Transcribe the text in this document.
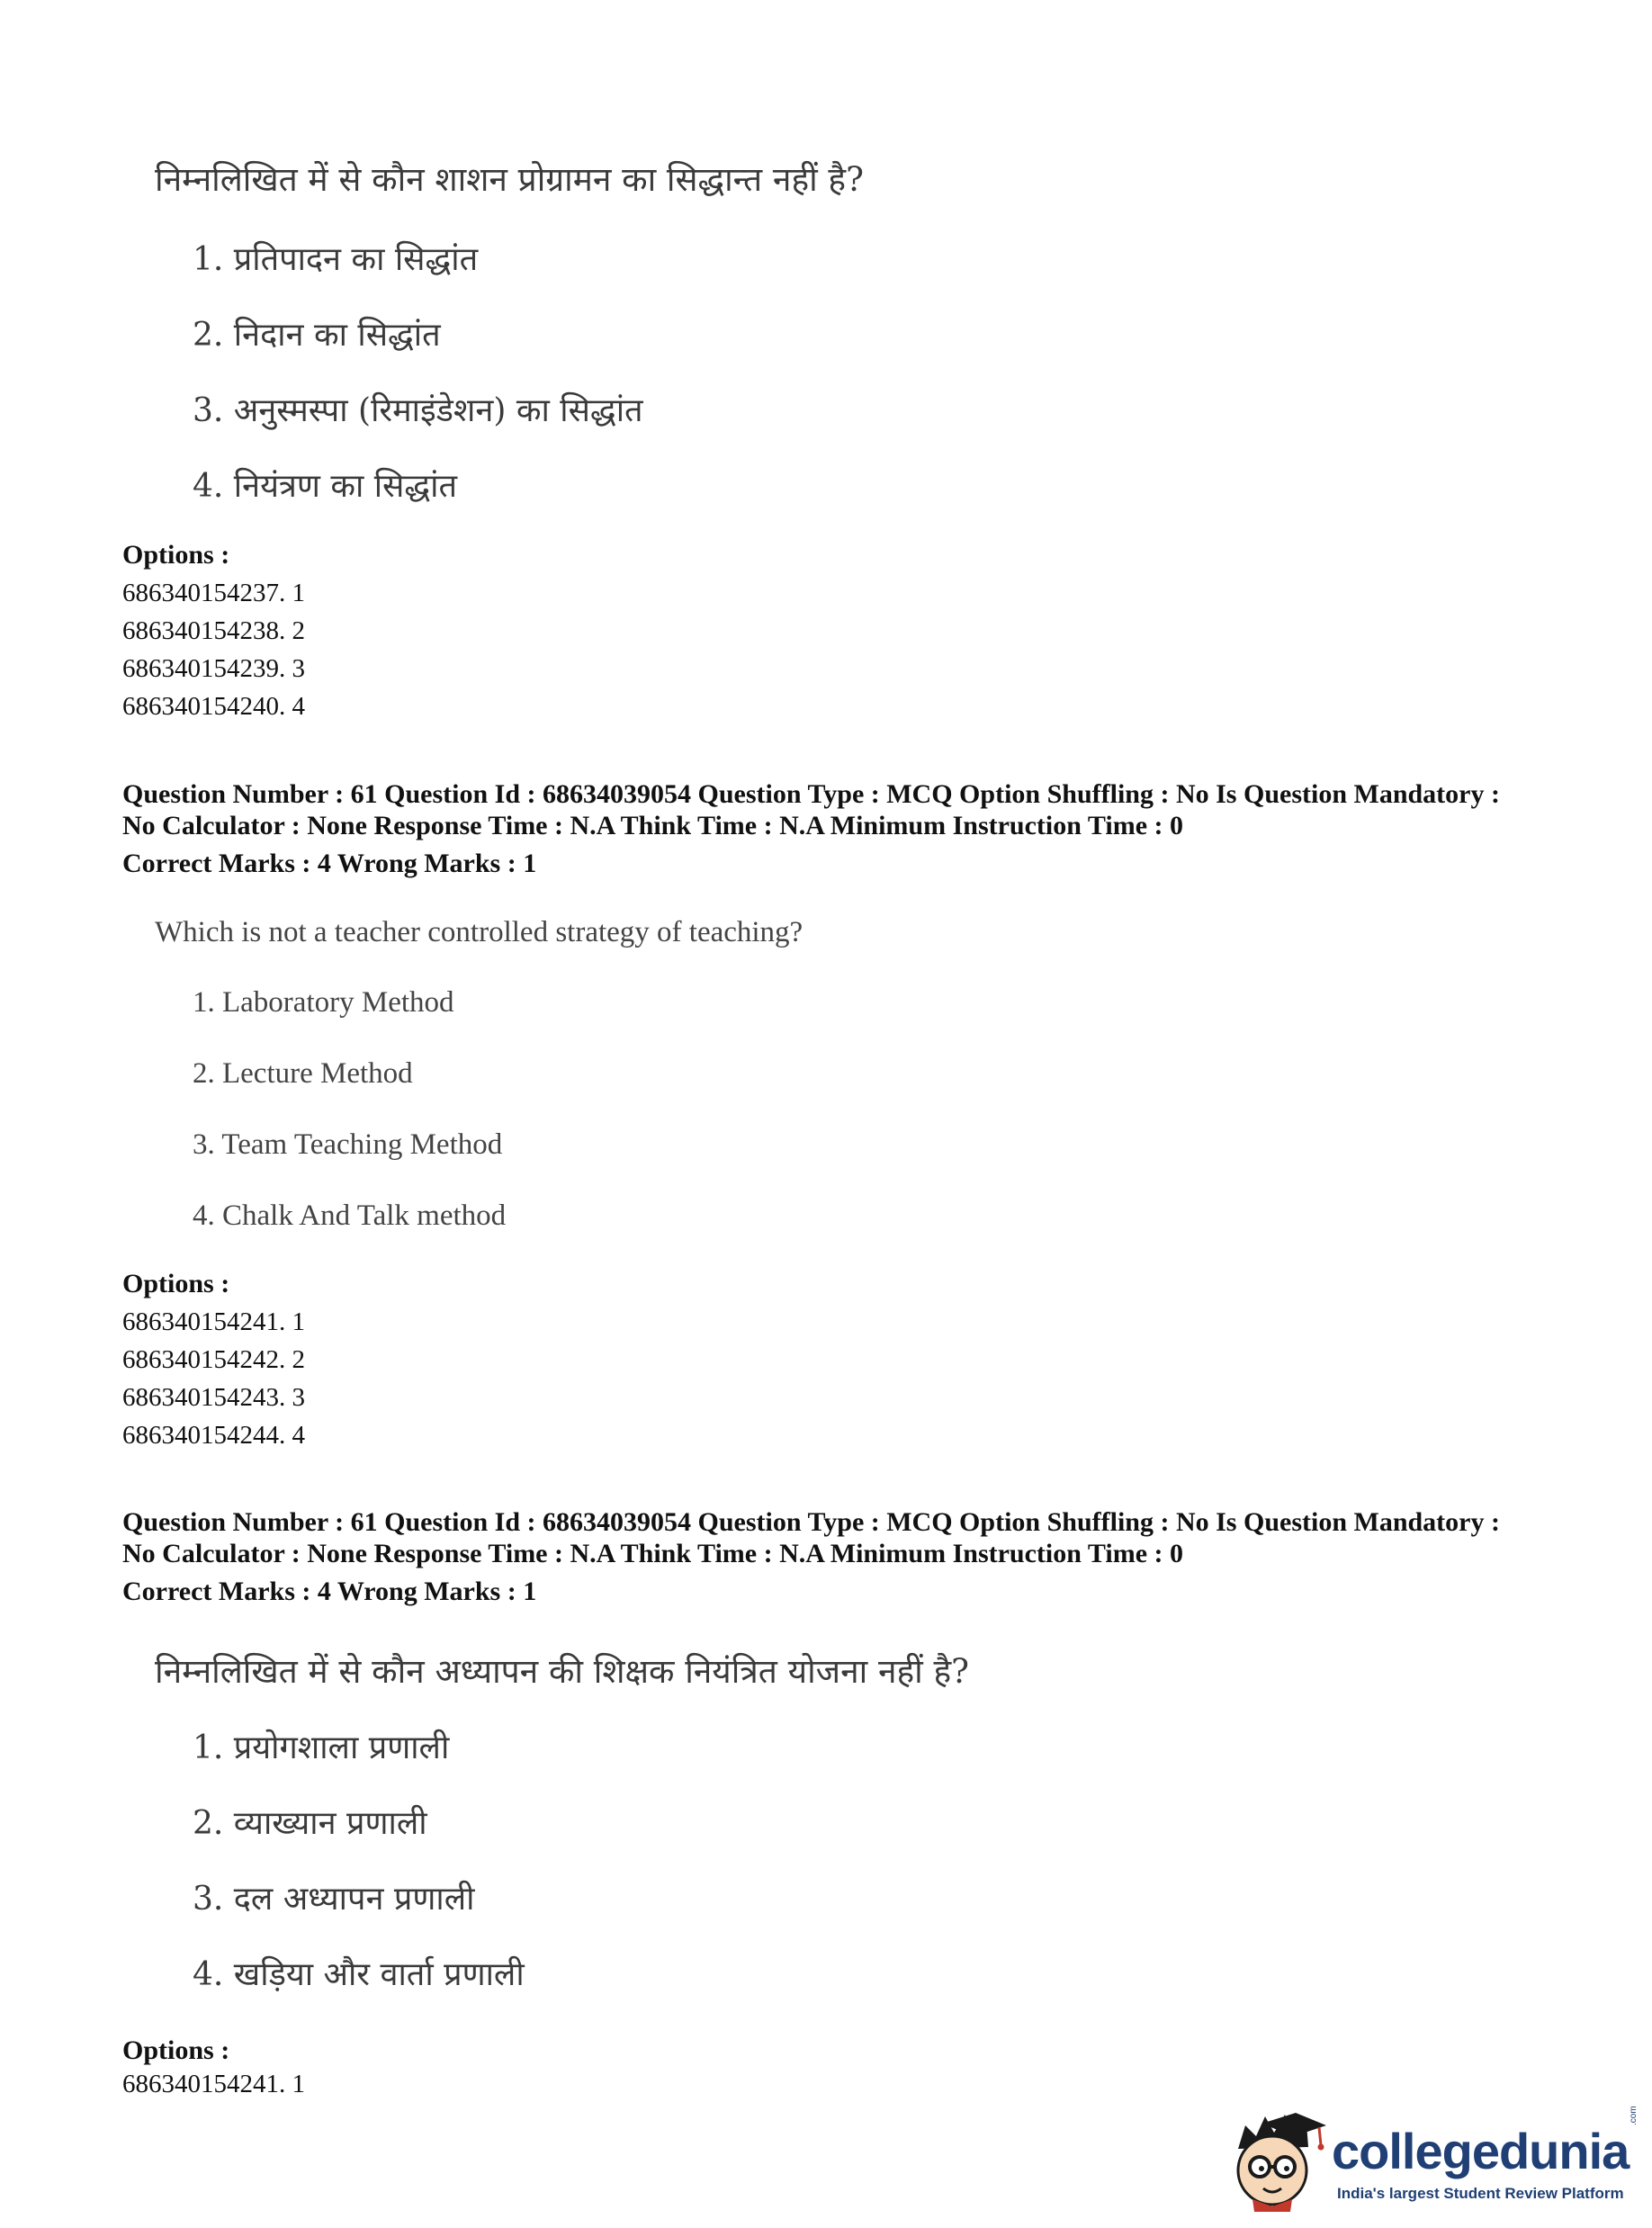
निम्नलिखित में से कौन शाशन प्रोग्रामन का सिद्धान्त नहीं है?
1. प्रतिपादन का सिद्धांत
2. निदान का सिद्धांत
3. अनुस्मस्पा (रिमाइंडेशन) का सिद्धांत
4. नियंत्रण का सिद्धांत
Options :
686340154237. 1
686340154238. 2
686340154239. 3
686340154240. 4
Question Number : 61 Question Id : 68634039054 Question Type : MCQ Option Shuffling : No Is Question Mandatory :
No Calculator : None Response Time : N.A Think Time : N.A Minimum Instruction Time : 0
Correct Marks : 4 Wrong Marks : 1
Which is not a teacher controlled strategy of teaching?
1. Laboratory Method
2. Lecture Method
3. Team Teaching Method
4. Chalk And Talk method
Options :
686340154241. 1
686340154242. 2
686340154243. 3
686340154244. 4
Question Number : 61 Question Id : 68634039054 Question Type : MCQ Option Shuffling : No Is Question Mandatory :
No Calculator : None Response Time : N.A Think Time : N.A Minimum Instruction Time : 0
Correct Marks : 4 Wrong Marks : 1
निम्नलिखित में से कौन अध्यापन की शिक्षक नियंत्रित योजना नहीं है?
1. प्रयोगशाला प्रणाली
2. व्याख्यान प्रणाली
3. दल अध्यापन प्रणाली
4. खड़िया और वार्ता प्रणाली
Options :
686340154241. 1
collegedunia
.com
India's largest Student Review Platform
